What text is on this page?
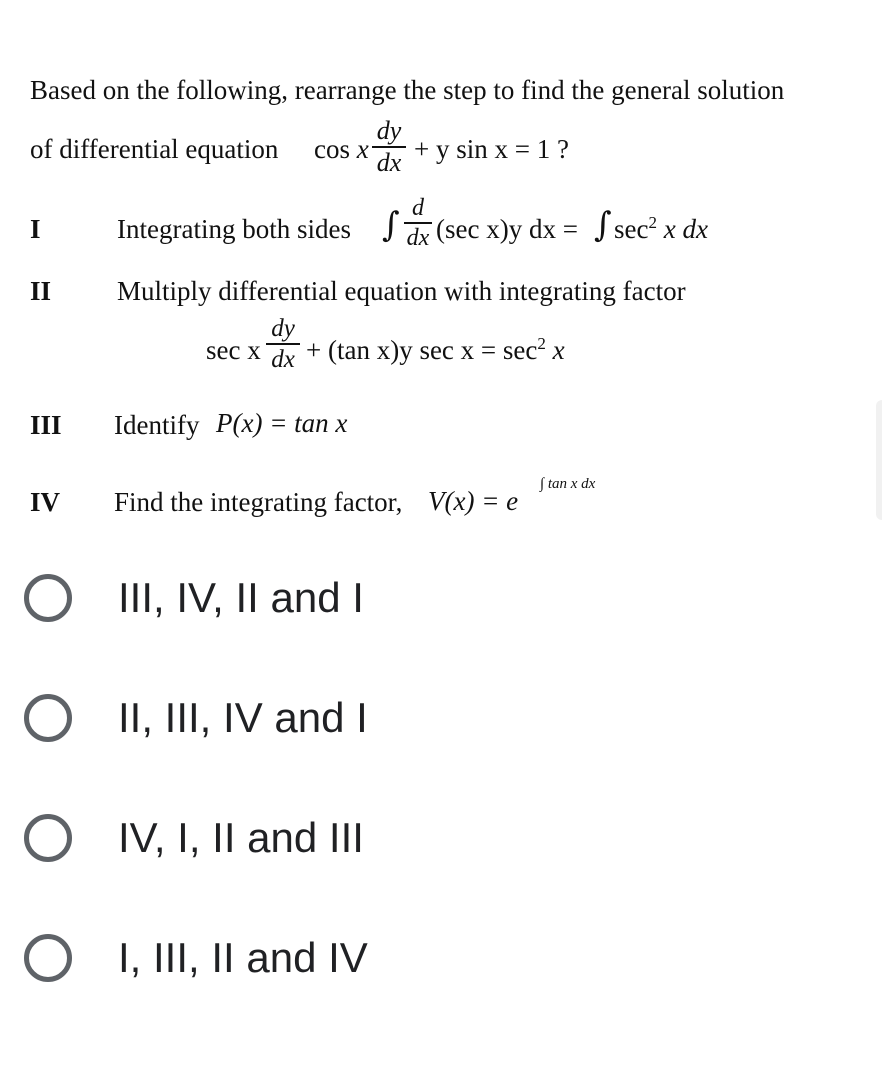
Based on the following, rearrange the step to find the general solution
of differential equation cos x
dy
dx + y sin x = 1 ?
I	Integrating both sides ∫ d
dx (sec x)y dx = ∫ $\sec^2 x$ dx
II Multiply differential equation with integrating factor
sec x
dy
dx + (tan x)y $\sec x = \sec^2 x$
III Identify P(x) = tan x
IV Find the integrating factor, V(x) = e
∫ tan x dx
III, IV, II and I
II, III, IV and I
IV, I, II and III
I, III, II and IV
